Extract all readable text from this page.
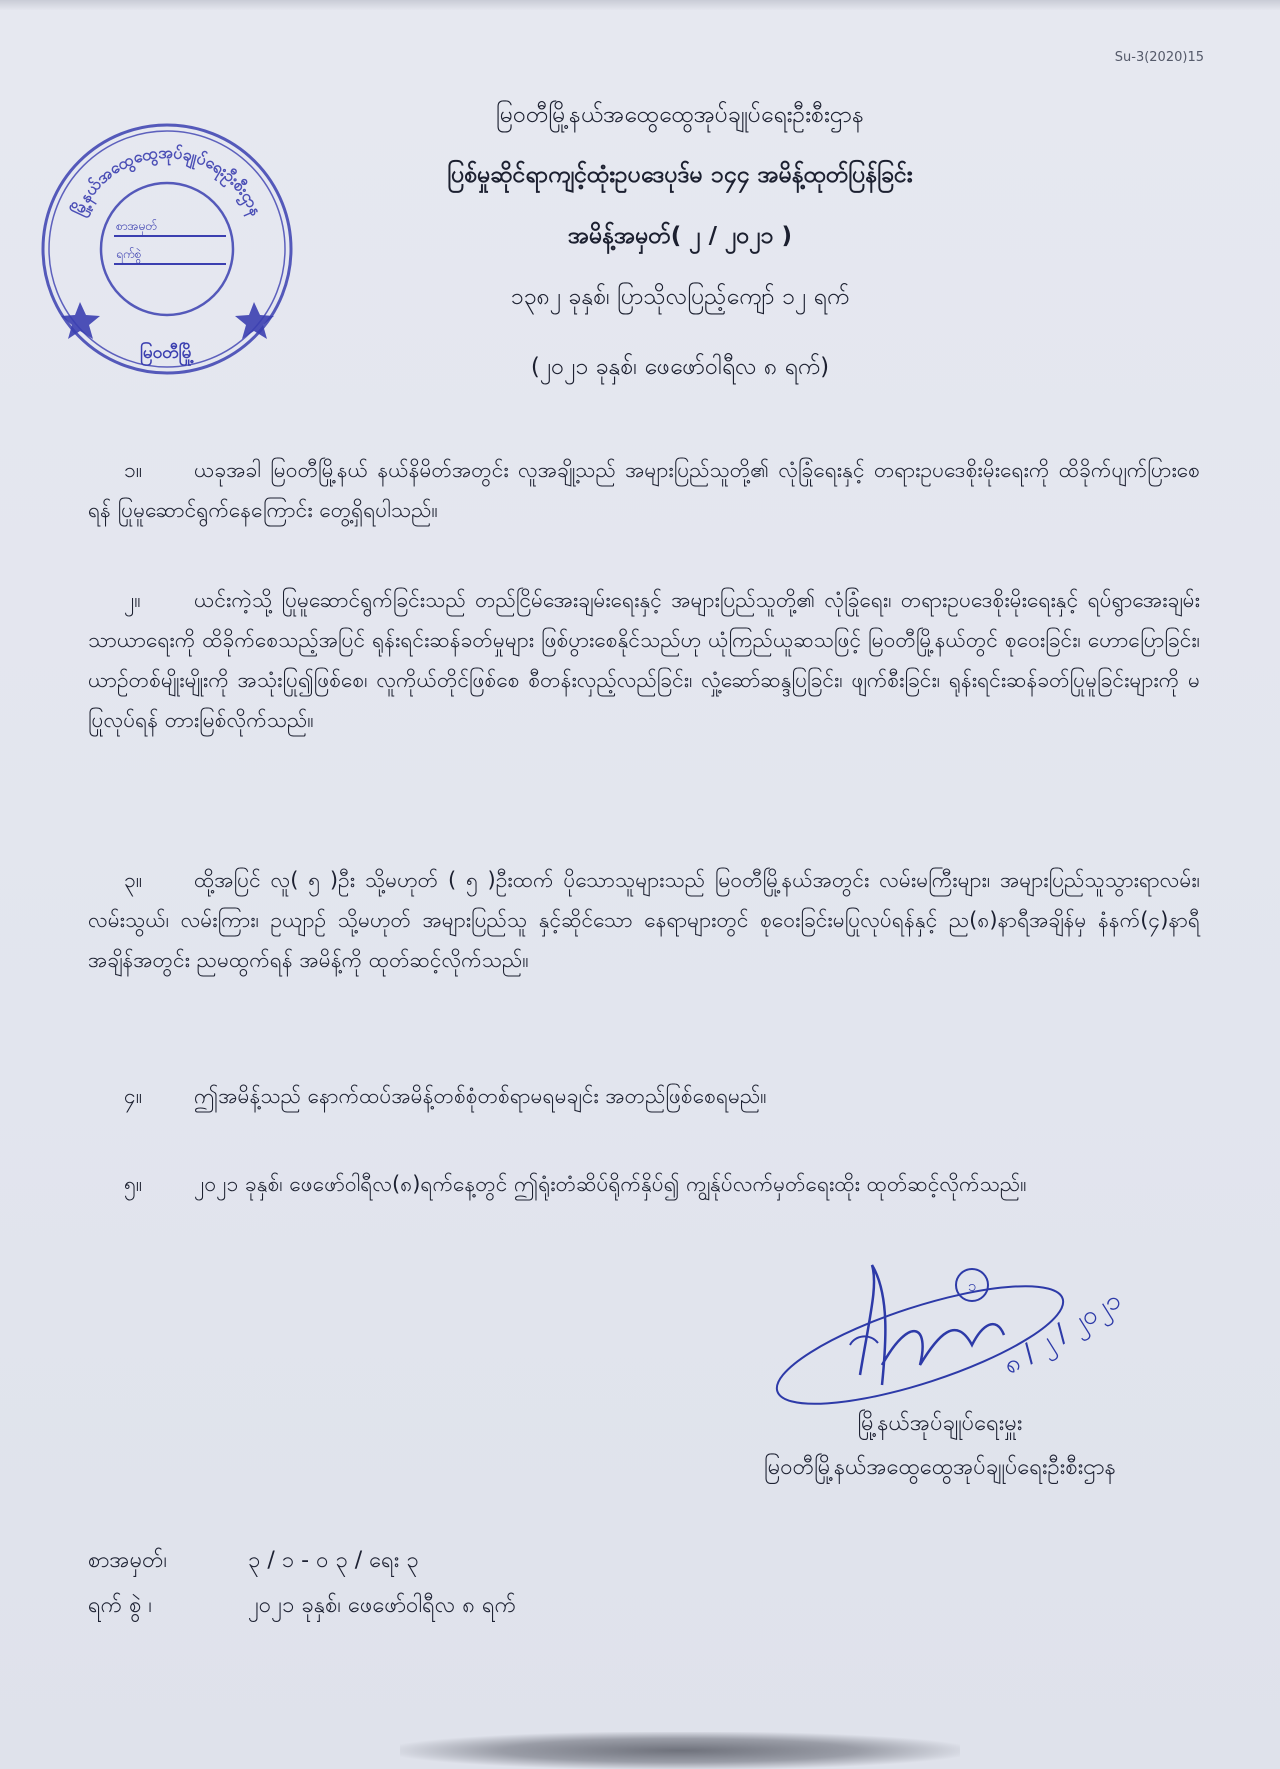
Su-3(2020)15
မြို့နယ်အထွေထွေအုပ်ချုပ်ရေးဦးစီးဌာန
စာအမှတ်
ရက်စွဲ
မြဝတီမြို့
မြဝတီမြို့နယ်အထွေထွေအုပ်ချုပ်ရေးဦးစီးဌာန
ပြစ်မှုဆိုင်ရာကျင့်ထုံးဥပဒေပုဒ်မ ၁၄၄ အမိန့်ထုတ်ပြန်ခြင်း
အမိန့်အမှတ်( ၂ / ၂၀၂၁ )
၁၃၈၂ ခုနှစ်၊ ပြာသိုလပြည့်ကျော် ၁၂ ရက်
(၂၀၂၁ ခုနှစ်၊ ဖေဖော်ဝါရီလ ၈ ရက်)
၁။ ယခုအခါ မြဝတီမြို့နယ် နယ်နိမိတ်အတွင်း လူအချို့သည် အများပြည်သူတို့၏ လုံခြုံရေးနှင့် တရားဥပဒေစိုးမိုးရေးကို ထိခိုက်ပျက်ပြားစေရန် ပြုမူဆောင်ရွက်နေကြောင်း တွေ့ရှိရပါသည်။
၂။	ယင်းကဲ့သို့ ပြုမူဆောင်ရွက်ခြင်းသည် တည်ငြိမ်အေးချမ်းရေးနှင့် အများပြည်သူတို့၏ လုံခြုံရေး၊ တရားဥပဒေစိုးမိုးရေးနှင့် ရပ်ရွာအေးချမ်းသာယာရေးကို ထိခိုက်စေသည့်အပြင် ရုန်းရင်းဆန်ခတ်မှုများ ဖြစ်ပွားစေနိုင်သည်ဟု ယုံကြည်ယူဆသဖြင့် မြဝတီမြို့နယ်တွင် စုဝေးခြင်း၊ ဟောပြောခြင်း၊ ယာဉ်တစ်မျိုးမျိုးကို အသုံးပြု၍ဖြစ်စေ၊ လူကိုယ်တိုင်ဖြစ်စေ စီတန်းလှည့်လည်ခြင်း၊ လှုံ့ဆော်ဆန္ဒပြခြင်း၊ ဖျက်စီးခြင်း၊ ရုန်းရင်းဆန်ခတ်ပြုမူခြင်းများကို မပြုလုပ်ရန် တားမြစ်လိုက်သည်။
၃။ ထို့အပြင် လူ( ၅ )ဦး သို့မဟုတ် ( ၅ )ဦးထက် ပိုသောသူများသည် မြဝတီမြို့နယ်အတွင်း လမ်းမကြီးများ၊ အများပြည်သူသွားရာလမ်း၊ လမ်းသွယ်၊ လမ်းကြား၊ ဥယျာဉ် သို့မဟုတ် အများပြည်သူ နှင့်ဆိုင်သော နေရာများတွင် စုဝေးခြင်းမပြုလုပ်ရန်နှင့် ည(၈)နာရီအချိန်မှ နံနက်(၄)နာရီအချိန်အတွင်း ညမထွက်ရန် အမိန့်ကို ထုတ်ဆင့်လိုက်သည်။
၄။ ဤအမိန့်သည် နောက်ထပ်အမိန့်တစ်စုံတစ်ရာမရမချင်း အတည်ဖြစ်စေရမည်။
၅။ ၂၀၂၁ ခုနှစ်၊ ဖေဖော်ဝါရီလ(၈)ရက်နေ့တွင် ဤရုံးတံဆိပ်ရိုက်နှိပ်၍ ကျွန်ုပ်လက်မှတ်ရေးထိုး ထုတ်ဆင့်လိုက်သည်။
၁ ၈ / ၂ / ၂၀၂၁
မြို့နယ်အုပ်ချုပ်ရေးမှူး
မြဝတီမြို့နယ်အထွေထွေအုပ်ချုပ်ရေးဦးစီးဌာန
စာအမှတ်၊	၃ / ၁ - ၀ ၃ / ရေး ၃
ရက် စွဲ ၊	၂၀၂၁ ခုနှစ်၊ ဖေဖော်ဝါရီလ ၈ ရက်
